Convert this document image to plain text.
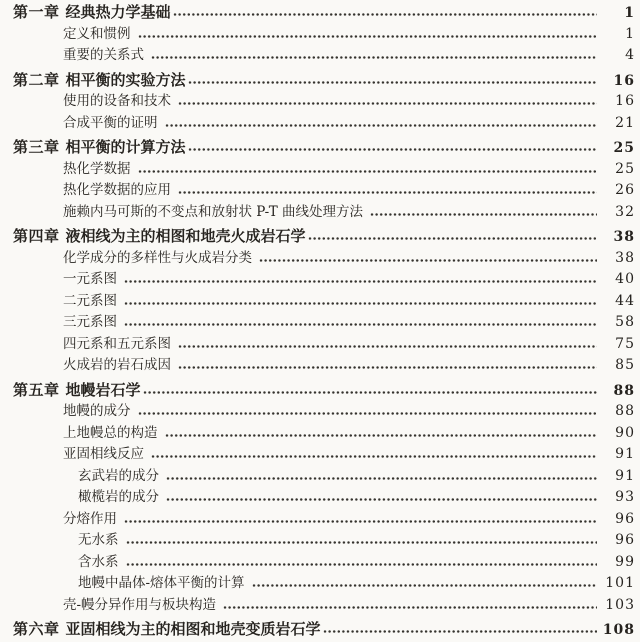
第一章 经典热力学基础	1
定义和惯例	1
重要的关系式	4
第二章 相平衡的实验方法	16
使用的设备和技术	16
合成平衡的证明	21
第三章 相平衡的计算方法	25
热化学数据	25
热化学数据的应用	26
施赖内马可斯的不变点和放射状 P-T 曲线处理方法	32
第四章 液相线为主的相图和地壳火成岩石学	38
化学成分的多样性与火成岩分类	38
一元系图	40
二元系图	44
三元系图	58
四元系和五元系图	75
火成岩的岩石成因	85
第五章 地幔岩石学	88
地幔的成分	88
上地幔总的构造	90
亚固相线反应	91
玄武岩的成分	91
橄榄岩的成分	93
分熔作用	96
无水系	96
含水系	99
地幔中晶体-熔体平衡的计算	101
壳-幔分异作用与板块构造	103
第六章 亚固相线为主的相图和地壳变质岩石学	108
